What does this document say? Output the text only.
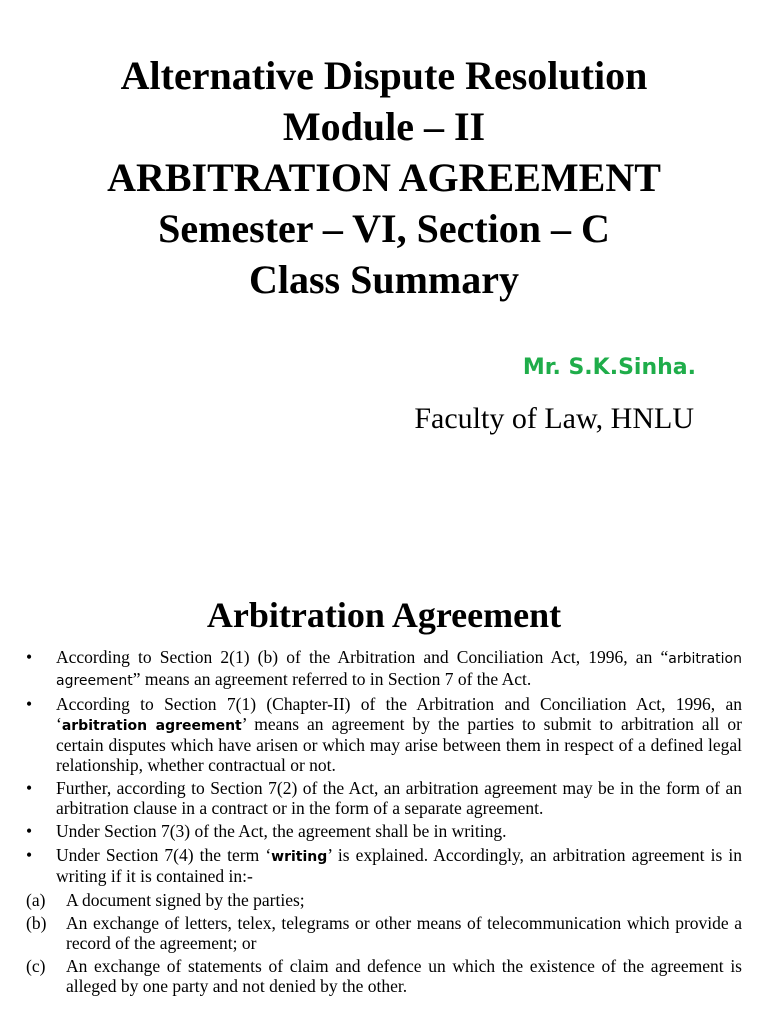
Alternative Dispute Resolution
Module – II
ARBITRATION AGREEMENT
Semester – VI, Section – C
Class Summary
Mr. S.K.Sinha.
Faculty of Law, HNLU
Arbitration Agreement
• According to Section 2(1) (b) of the Arbitration and Conciliation Act, 1996, an “arbitration agreement” means an agreement referred to in Section 7 of the Act.
• According to Section 7(1) (Chapter-II) of the Arbitration and Conciliation Act, 1996, an ‘arbitration agreement’ means an agreement by the parties to submit to arbitration all or certain disputes which have arisen or which may arise between them in respect of a defined legal relationship, whether contractual or not.
• Further, according to Section 7(2) of the Act, an arbitration agreement may be in the form of an arbitration clause in a contract or in the form of a separate agreement.
• Under Section 7(3) of the Act, the agreement shall be in writing.
• Under Section 7(4) the term ‘writing’ is explained. Accordingly, an arbitration agreement is in writing if it is contained in:-
(a) A document signed by the parties;
(b) An exchange of letters, telex, telegrams or other means of telecommunication which provide a record of the agreement; or
(c) An exchange of statements of claim and defence un which the existence of the agreement is alleged by one party and not denied by the other.
